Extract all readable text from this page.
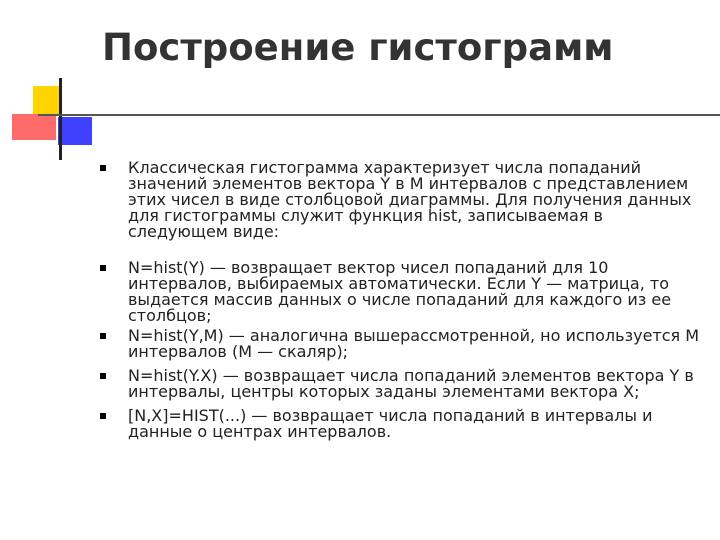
Построение гистограмм
Классическая гистограмма характеризует числа попаданий значений элементов вектора Y в M интервалов с представлением этих чисел в виде столбцовой диаграммы. Для получения данных для гистограммы служит функция hist, записываемая в следующем виде:
N=hist(Y) — возвращает вектор чисел попаданий для 10 интервалов, выбираемых автоматически. Если Y — матрица, то выдается массив данных о числе попаданий для каждого из ее столбцов;
N=hist(Y,M) — аналогична вышерассмотренной, но используется M интервалов (M — скаляр);
N=hist(Y.X) — возвращает числа попаданий элементов вектора Y в интервалы, центры которых заданы элементами вектора X;
[N,X]=HIST(...) — возвращает числа попаданий в интервалы и данные о центрах интервалов.
